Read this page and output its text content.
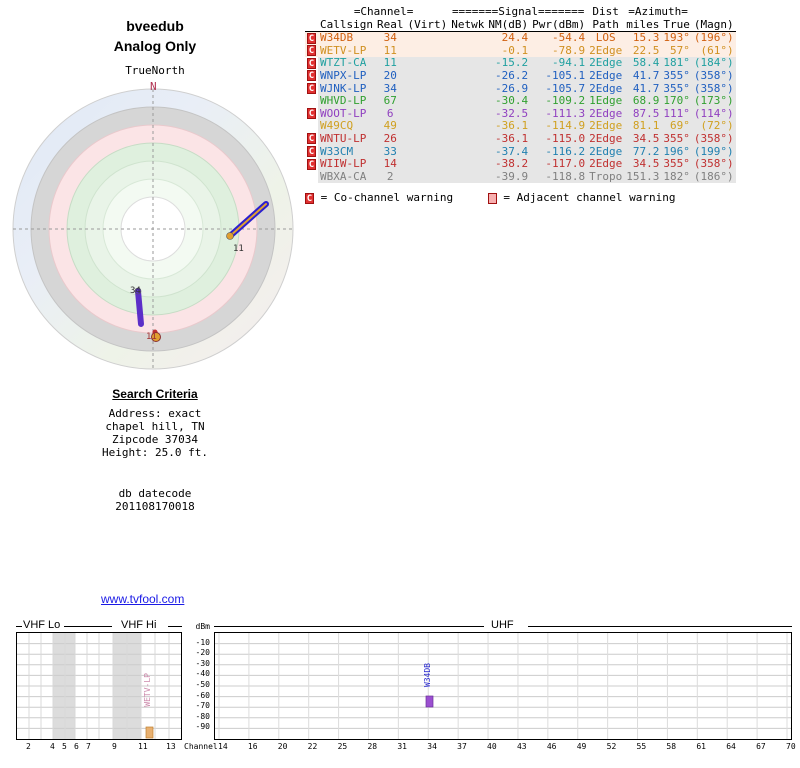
bveedub
Analog Only
TrueNorth
N
11
34
11
Search Criteria
Address: exact
chapel hill, TN
Zipcode 37034
Height: 25.0 ft.
db datecode
201108170018
www.tvfool.com
	=Channel=			=======Signal=======			Dist	=Azimuth=		
	Callsign	Real	(Virt)	Netwk	NM(dB)	Pwr(dBm)	Path	miles	True	(Magn)
C	W34DB	34			24.4	-54.4	LOS	15.3	193°	(196°)
C	WETV-LP	11			-0.1	-78.9	2Edge	22.5	57°	(61°)
C	WTZT-CA	11			-15.2	-94.1	2Edge	58.4	181°	(184°)
C	WNPX-LP	20			-26.2	-105.1	2Edge	41.7	355°	(358°)
C	WJNK-LP	34			-26.9	-105.7	2Edge	41.7	355°	(358°)
	WHVD-LP	67			-30.4	-109.2	1Edge	68.9	170°	(173°)
C	WOOT-LP	6			-32.5	-111.3	2Edge	87.5	111°	(114°)
	W49CQ	49			-36.1	-114.9	2Edge	81.1	69°	(72°)
C	WNTU-LP	26			-36.1	-115.0	2Edge	34.5	355°	(358°)
C	W33CM	33			-37.4	-116.2	2Edge	77.2	196°	(199°)
C	WIIW-LP	14			-38.2	-117.0	2Edge	34.5	355°	(358°)
	WBXA-CA	2			-39.9	-118.8	Tropo	151.3	182°	(186°)
C = Co-channel warning	C = Adjacent channel warning
VHF Lo	VHF Hi	UHF
dBm
WETV-LP	W34DB
-10
-20
-30
-40
-50
-60
-70
-80
-90
2 4 5 6 7	9	11 13	14	16	20	22	25	28	31	34	37	40	43	46	49	52	55	58	61	64	67	70
Channel
